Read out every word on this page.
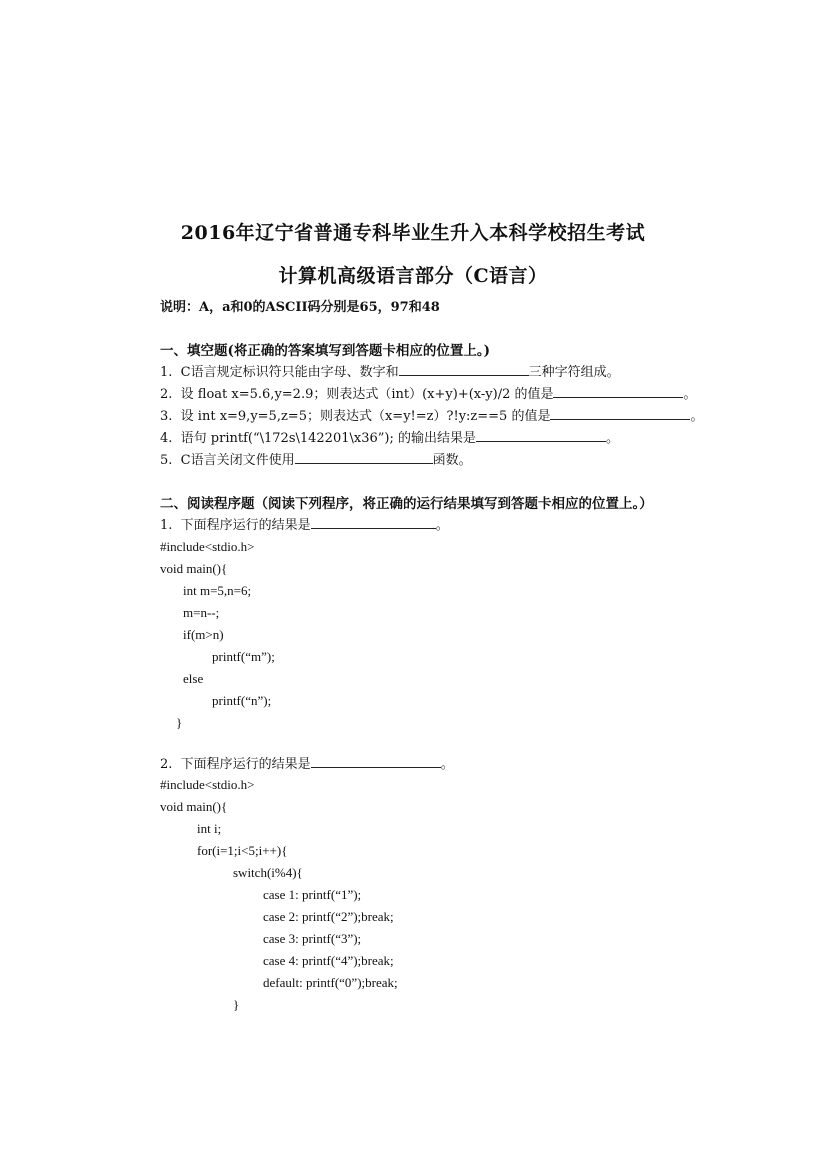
2016年辽宁省普通专科毕业生升入本科学校招生考试
计算机高级语言部分（C语言）
说明：A，a和0的ASCII码分别是65，97和48
一、填空题(将正确的答案填写到答题卡相应的位置上。)
1. C语言规定标识符只能由字母、数字和	三种字符组成。
2. 设 float x=5.6,y=2.9；则表达式（int）(x+y)+(x-y)/2 的值是	。
3. 设 int x=9,y=5,z=5；则表达式（x=y!=z）?!y:z==5 的值是	。
4. 语句 printf(“\172s\142201\x36”); 的输出结果是	。
5. C语言关闭文件使用	函数。
二、阅读程序题（阅读下列程序，将正确的运行结果填写到答题卡相应的位置上。）
1. 下面程序运行的结果是	。
#include<stdio.h>
void main(){
int m=5,n=6;
m=n--;
if(m>n)
printf(“m”);
else
printf(“n”);
}
2. 下面程序运行的结果是	。
#include<stdio.h>
void main(){
int i;
for(i=1;i<5;i++){
switch(i%4){
case 1: printf(“1”);
case 2: printf(“2”);break;
case 3: printf(“3”);
case 4: printf(“4”);break;
default: printf(“0”);break;
}
